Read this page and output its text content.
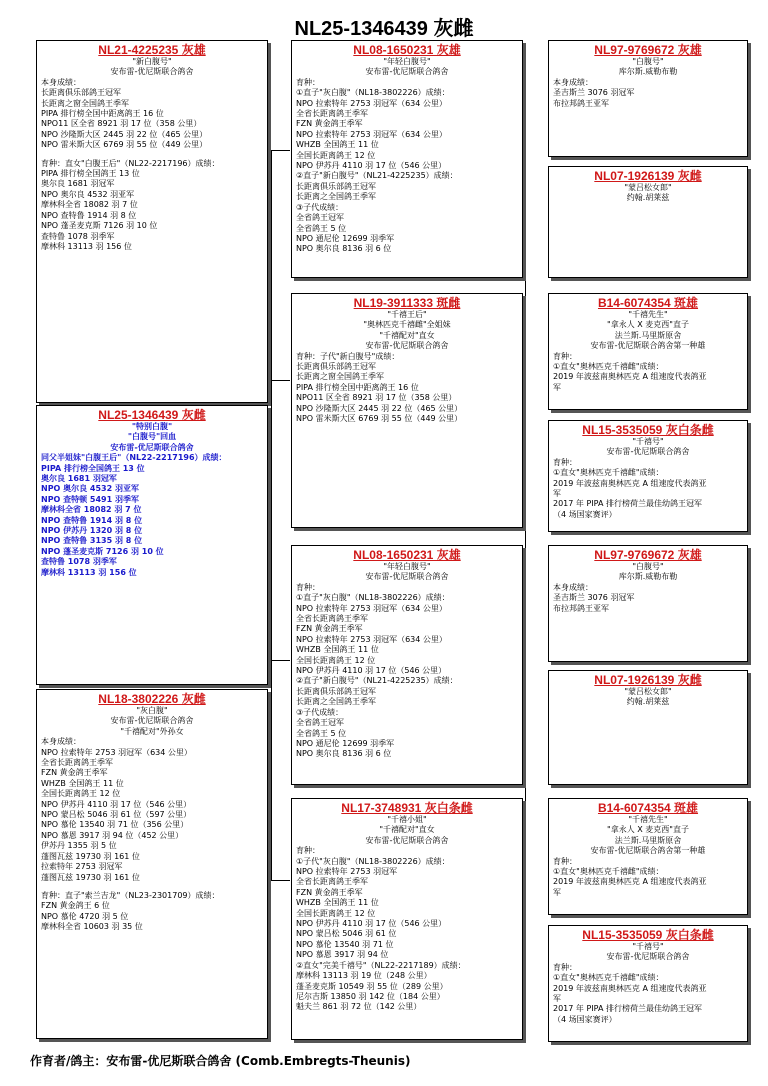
NL25-1346439 灰雌
NL21-4225235 灰雄
"新白腹号"
安布雷-优尼斯联合鸽舍
本身成绩：
长距离俱乐部鸽王冠军
长距离之窗全国鸽王季军
PIPA 排行榜全国中距离鸽王 16 位
NPO11 区全省 8921 羽 17 位（358 公里）
NPO 沙隆斯大区 2445 羽 22 位（465 公里）
NPO 雷米斯大区 6769 羽 55 位（449 公里）
育种：直女"白腹王后"（NL22-2217196）成绩：
PIPA 排行榜全国鸽王 13 位
奥尔良 1681 羽冠军
NPO 奥尔良 4532 羽亚军
摩林科全省 18082 羽 7 位
NPO 查特鲁 1914 羽 8 位
NPO 蓬圣麦克斯 7126 羽 10 位
查特鲁 1078 羽季军
摩林科 13113 羽 156 位
NL25-1346439 灰雌
"特别白腹"
"白腹号"回血
安布雷-优尼斯联合鸽舍
同父半姐妹"白腹王后"（NL22-2217196）成绩：
PIPA 排行榜全国鸽王 13 位
奥尔良 1681 羽冠军
NPO 奥尔良 4532 羽亚军
NPO 查特顿 5491 羽季军
摩林科全省 18082 羽 7 位
NPO 查特鲁 1914 羽 8 位
NPO 伊苏丹 1320 羽 8 位
NPO 查特鲁 3135 羽 8 位
NPO 蓬圣麦克斯 7126 羽 10 位
查特鲁 1078 羽季军
摩林科 13113 羽 156 位
NL18-3802226 灰雌
"灰白腹"
安布雷-优尼斯联合鸽舍
"千禧配对"外孙女
本身成绩：
NPO 拉索特年 2753 羽冠军（634 公里）
全省长距离鸽王季军
FZN 黄金鸽王季军
WHZB 全国鸽王 11 位
全国长距离鸽王 12 位
NPO 伊苏丹 4110 羽 17 位（546 公里）
NPO 蒙吕松 5046 羽 61 位（597 公里）
NPO 慕伦 13540 羽 71 位（356 公里）
NPO 慕恩 3917 羽 94 位（452 公里）
伊苏丹 1355 羽 5 位
蓬图瓦兹 19730 羽 161 位
拉索特年 2753 羽冠军
蓬图瓦兹 19730 羽 161 位
育种：直子"索兰吉龙"（NL23-2301709）成绩：
FZN 黄金鸽王 6 位
NPO 慕伦 4720 羽 5 位
摩林科全省 10603 羽 35 位
NL08-1650231 灰雄
"年轻白腹号"
安布雷-优尼斯联合鸽舍
育种：
①直子"灰白腹"（NL18-3802226）成绩：
NPO 拉索特年 2753 羽冠军（634 公里）
全省长距离鸽王季军
FZN 黄金鸽王季军
NPO 拉索特年 2753 羽冠军（634 公里）
WHZB 全国鸽王 11 位
全国长距离鸽王 12 位
NPO 伊苏丹 4110 羽 17 位（546 公里）
②直子"新白腹号"（NL21-4225235）成绩：
长距离俱乐部鸽王冠军
长距离之全国鸽王季军
③子代成绩：
全省鸽王冠军
全省鸽王 5 位
NPO 通尼伦 12699 羽季军
NPO 奥尔良 8136 羽 6 位
NL19-3911333 斑雌
"千禧王后"
"奥林匹克千禧雌"全姐妹
"千禧配对"直女
安布雷-优尼斯联合鸽舍
育种：子代"新白腹号"成绩：
长距离俱乐部鸽王冠军
长距离之窗全国鸽王季军
PIPA 排行榜全国中距离鸽王 16 位
NPO11 区全省 8921 羽 17 位（358 公里）
NPO 沙隆斯大区 2445 羽 22 位（465 公里）
NPO 雷米斯大区 6769 羽 55 位（449 公里）
NL08-1650231 灰雄
"年轻白腹号"
安布雷-优尼斯联合鸽舍
育种：
①直子"灰白腹"（NL18-3802226）成绩：
NPO 拉索特年 2753 羽冠军（634 公里）
全省长距离鸽王季军
FZN 黄金鸽王季军
NPO 拉索特年 2753 羽冠军（634 公里）
WHZB 全国鸽王 11 位
全国长距离鸽王 12 位
NPO 伊苏丹 4110 羽 17 位（546 公里）
②直子"新白腹号"（NL21-4225235）成绩：
长距离俱乐部鸽王冠军
长距离之全国鸽王季军
③子代成绩：
全省鸽王冠军
全省鸽王 5 位
NPO 通尼伦 12699 羽季军
NPO 奥尔良 8136 羽 6 位
NL17-3748931 灰白条雌
"千禧小姐"
"千禧配对"直女
安布雷-优尼斯联合鸽舍
育种：
①子代"灰白腹"（NL18-3802226）成绩：
NPO 拉索特年 2753 羽冠军
全省长距离鸽王季军
FZN 黄金鸽王季军
WHZB 全国鸽王 11 位
全国长距离鸽王 12 位
NPO 伊苏丹 4110 羽 17 位（546 公里）
NPO 蒙吕松 5046 羽 61 位
NPO 慕伦 13540 羽 71 位
NPO 慕恩 3917 羽 94 位
②直女"完美千禧号"（NL22-2217189）成绩：
摩林科 13113 羽 19 位（248 公里）
蓬圣麦克斯 10549 羽 55 位（289 公里）
尼尔吉斯 13850 羽 142 位（184 公里）
魁夫兰 861 羽 72 位（142 公里）
NL97-9769672 灰雄
"白腹号"
库尔斯.威勒布勒
本身成绩：
圣吉斯兰 3076 羽冠军
布拉邦鸽王亚军
NL07-1926139 灰雌
"蒙吕松女郎"
约翰.胡莱兹
B14-6074354 斑雄
"千禧先生"
"拿永人 X 麦克西"直子
法兰斯.马里斯原舍
安布雷-优尼斯联合鸽舍第一种雄
育种：
①直女"奥林匹克千禧雌"成绩：
2019 年波兹南奥林匹克 A 组速度代表鸽亚
军
NL15-3535059 灰白条雌
"千禧号"
安布雷-优尼斯联合鸽舍
育种：
①直女"奥林匹克千禧雌"成绩：
2019 年波兹南奥林匹克 A 组速度代表鸽亚
军
2017 年 PIPA 排行榜荷兰最佳幼鸽王冠军
（4 场国家赛评）
NL97-9769672 灰雄
"白腹号"
库尔斯.威勒布勒
本身成绩：
圣吉斯兰 3076 羽冠军
布拉邦鸽王亚军
NL07-1926139 灰雌
"蒙吕松女郎"
约翰.胡莱兹
B14-6074354 斑雄
"千禧先生"
"拿永人 X 麦克西"直子
法兰斯.马里斯原舍
安布雷-优尼斯联合鸽舍第一种雄
育种：
①直女"奥林匹克千禧雌"成绩：
2019 年波兹南奥林匹克 A 组速度代表鸽亚
军
NL15-3535059 灰白条雌
"千禧号"
安布雷-优尼斯联合鸽舍
育种：
①直女"奥林匹克千禧雌"成绩：
2019 年波兹南奥林匹克 A 组速度代表鸽亚
军
2017 年 PIPA 排行榜荷兰最佳幼鸽王冠军
（4 场国家赛评）
作育者/鸽主：安布雷-优尼斯联合鸽舍 (Comb.Embregts-Theunis)
